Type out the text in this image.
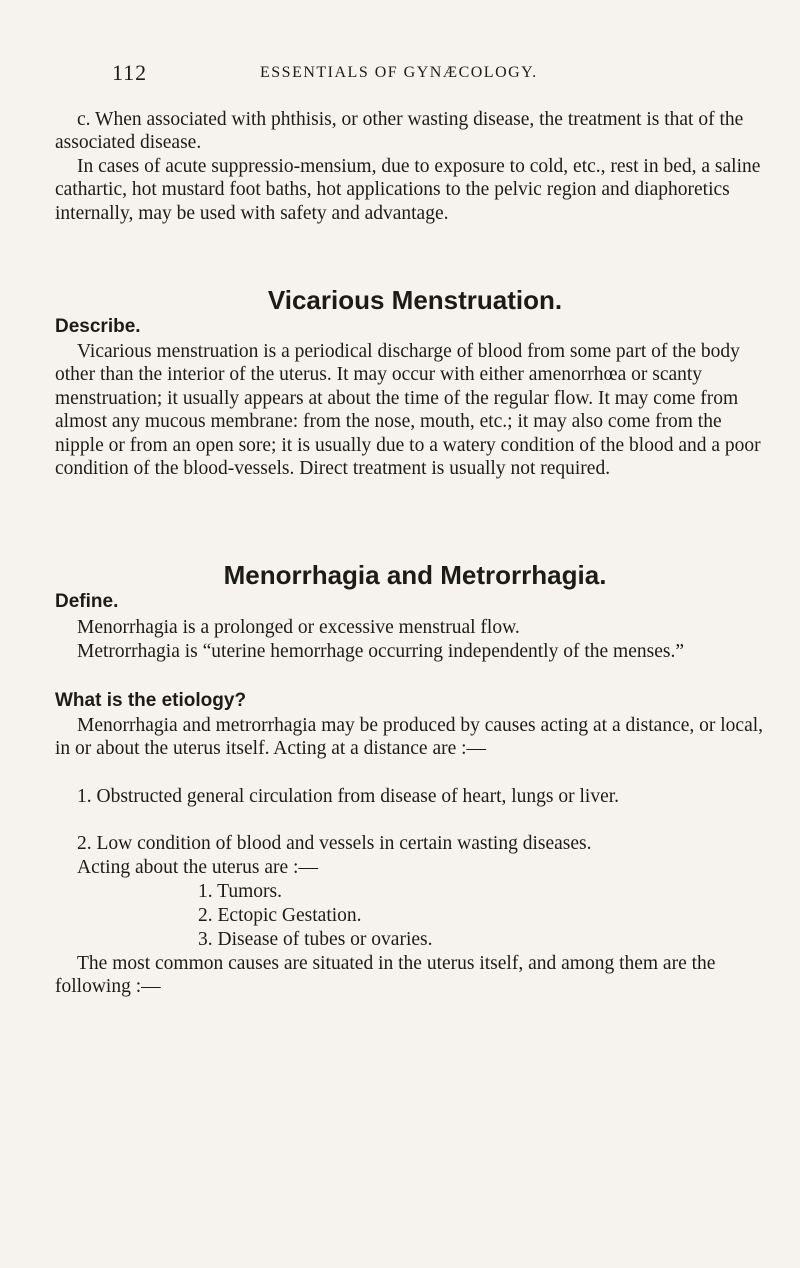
112	ESSENTIALS OF GYNÆCOLOGY.

c. When associated with phthisis, or other wasting disease, the treatment is that of the associated disease.

In cases of acute suppressio-mensium, due to exposure to cold, etc., rest in bed, a saline cathartic, hot mustard foot baths, hot applications to the pelvic region and diaphoretics internally, may be used with safety and advantage.

Vicarious Menstruation.
Describe.

Vicarious menstruation is a periodical discharge of blood from some part of the body other than the interior of the uterus. It may occur with either amenorrhœa or scanty menstruation; it usually appears at about the time of the regular flow. It may come from almost any mucous membrane: from the nose, mouth, etc.; it may also come from the nipple or from an open sore; it is usually due to a watery condition of the blood and a poor condition of the blood-vessels. Direct treatment is usually not required.

Menorrhagia and Metrorrhagia.
Define.

Menorrhagia is a prolonged or excessive menstrual flow.

Metrorrhagia is “uterine hemorrhage occurring independently of the menses.”

What is the etiology?

Menorrhagia and metrorrhagia may be produced by causes acting at a distance, or local, in or about the uterus itself. Acting at a distance are :—

1. Obstructed general circulation from disease of heart, lungs or liver.

2. Low condition of blood and vessels in certain wasting diseases.

Acting about the uterus are :—
1. Tumors.
2. Ectopic Gestation.
3. Disease of tubes or ovaries.

The most common causes are situated in the uterus itself, and among them are the following :—
